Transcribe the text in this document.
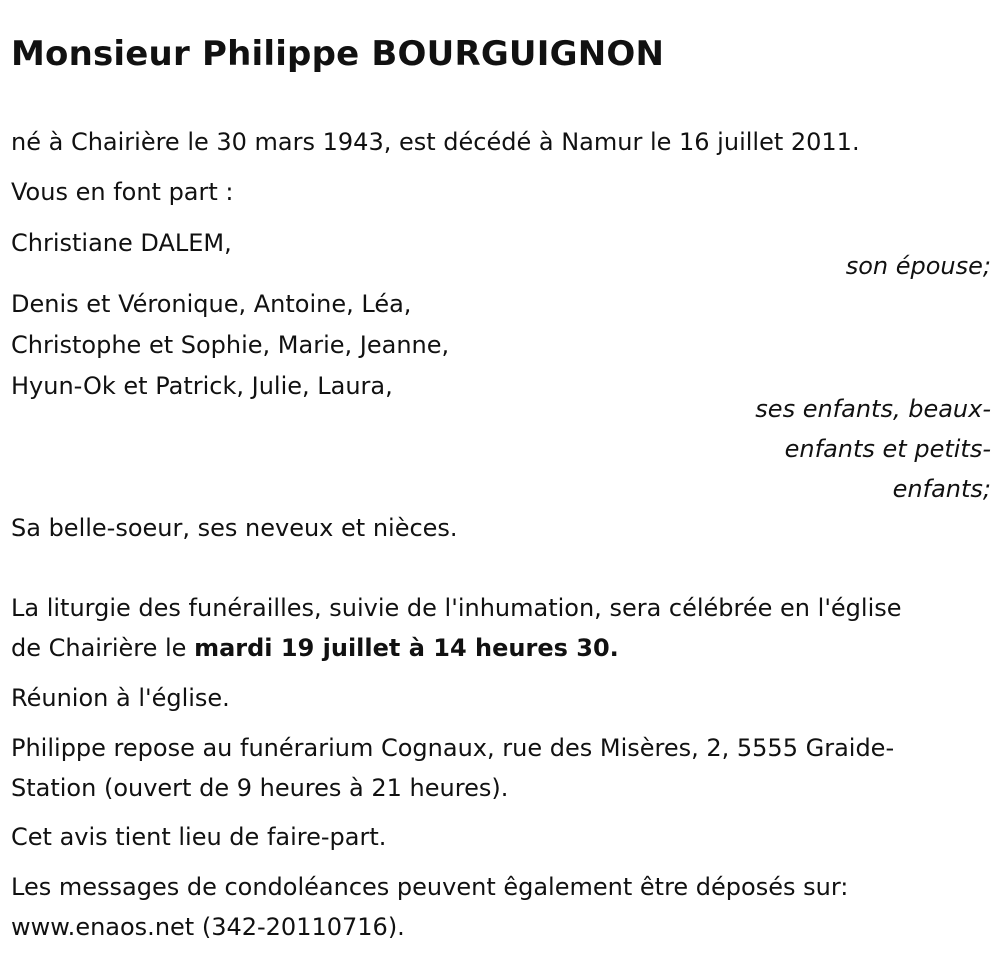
Monsieur Philippe BOURGUIGNON
né à Chairière le 30 mars 1943, est décédé à Namur le 16 juillet 2011.
Vous en font part :
Christiane DALEM,
son épouse;
Denis et Véronique, Antoine, Léa,
Christophe et Sophie, Marie, Jeanne,
Hyun-Ok et Patrick, Julie, Laura,
ses enfants, beaux-
enfants et petits-
enfants;
Sa belle-soeur, ses neveux et nièces.
La liturgie des funérailles, suivie de l'inhumation, sera célébrée en l'église
de Chairière le mardi 19 juillet à 14 heures 30.
Réunion à l'église.
Philippe repose au funérarium Cognaux, rue des Misères, 2, 5555 Graide-
Station (ouvert de 9 heures à 21 heures).
Cet avis tient lieu de faire-part.
Les messages de condoléances peuvent êgalement être déposés sur:
www.enaos.net (342-20110716).
